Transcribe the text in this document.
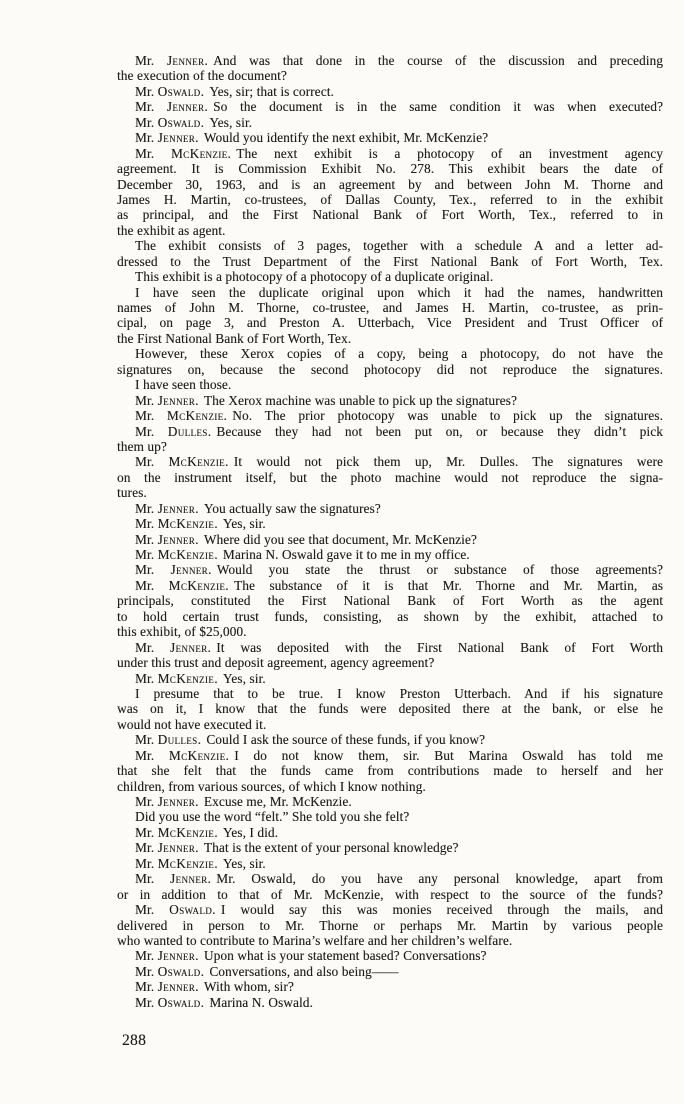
Mr. Jenner. And was that done in the course of the discussion and preceding
the execution of the document?
Mr. Oswald. Yes, sir; that is correct.
Mr. Jenner. So the document is in the same condition it was when executed?
Mr. Oswald. Yes, sir.
Mr. Jenner. Would you identify the next exhibit, Mr. McKenzie?
Mr. McKenzie. The next exhibit is a photocopy of an investment agency
agreement. It is Commission Exhibit No. 278. This exhibit bears the date of
December 30, 1963, and is an agreement by and between John M. Thorne and
James H. Martin, co-trustees, of Dallas County, Tex., referred to in the exhibit
as principal, and the First National Bank of Fort Worth, Tex., referred to in
the exhibit as agent.
The exhibit consists of 3 pages, together with a schedule A and a letter ad-
dressed to the Trust Department of the First National Bank of Fort Worth, Tex.
This exhibit is a photocopy of a photocopy of a duplicate original.
I have seen the duplicate original upon which it had the names, handwritten
names of John M. Thorne, co-trustee, and James H. Martin, co-trustee, as prin-
cipal, on page 3, and Preston A. Utterbach, Vice President and Trust Officer of
the First National Bank of Fort Worth, Tex.
However, these Xerox copies of a copy, being a photocopy, do not have the
signatures on, because the second photocopy did not reproduce the signatures.
I have seen those.
Mr. Jenner. The Xerox machine was unable to pick up the signatures?
Mr. McKenzie. No. The prior photocopy was unable to pick up the signatures.
Mr. Dulles. Because they had not been put on, or because they didn’t pick
them up?
Mr. McKenzie. It would not pick them up, Mr. Dulles. The signatures were
on the instrument itself, but the photo machine would not reproduce the signa-
tures.
Mr. Jenner. You actually saw the signatures?
Mr. McKenzie. Yes, sir.
Mr. Jenner. Where did you see that document, Mr. McKenzie?
Mr. McKenzie. Marina N. Oswald gave it to me in my office.
Mr. Jenner. Would you state the thrust or substance of those agreements?
Mr. McKenzie. The substance of it is that Mr. Thorne and Mr. Martin, as
principals, constituted the First National Bank of Fort Worth as the agent
to hold certain trust funds, consisting, as shown by the exhibit, attached to
this exhibit, of $25,000.
Mr. Jenner. It was deposited with the First National Bank of Fort Worth
under this trust and deposit agreement, agency agreement?
Mr. McKenzie. Yes, sir.
I presume that to be true. I know Preston Utterbach. And if his signature
was on it, I know that the funds were deposited there at the bank, or else he
would not have executed it.
Mr. Dulles. Could I ask the source of these funds, if you know?
Mr. McKenzie. I do not know them, sir. But Marina Oswald has told me
that she felt that the funds came from contributions made to herself and her
children, from various sources, of which I know nothing.
Mr. Jenner. Excuse me, Mr. McKenzie.
Did you use the word “felt.” She told you she felt?
Mr. McKenzie. Yes, I did.
Mr. Jenner. That is the extent of your personal knowledge?
Mr. McKenzie. Yes, sir.
Mr. Jenner. Mr. Oswald, do you have any personal knowledge, apart from
or in addition to that of Mr. McKenzie, with respect to the source of the funds?
Mr. Oswald. I would say this was monies received through the mails, and
delivered in person to Mr. Thorne or perhaps Mr. Martin by various people
who wanted to contribute to Marina’s welfare and her children’s welfare.
Mr. Jenner. Upon what is your statement based? Conversations?
Mr. Oswald. Conversations, and also being——
Mr. Jenner. With whom, sir?
Mr. Oswald. Marina N. Oswald.
288
